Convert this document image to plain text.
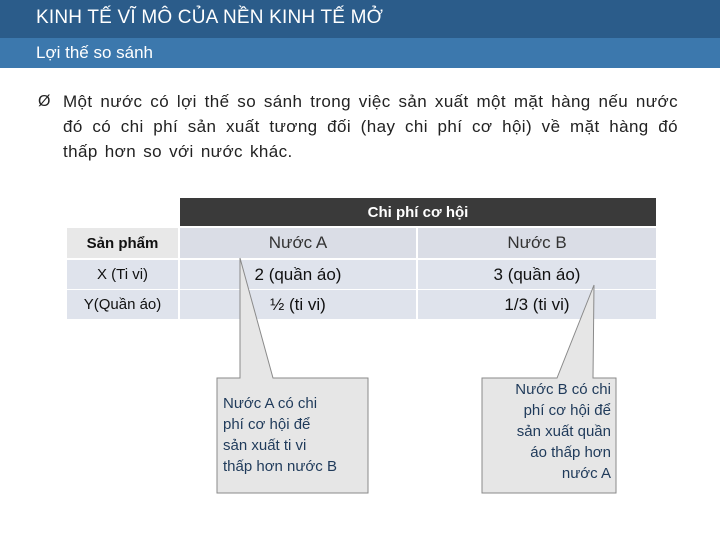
KINH TẾ VĨ MÔ CỦA NỀN KINH TẾ MỞ
Lợi thế so sánh
Ø Một nước có lợi thế so sánh trong việc sản xuất một mặt hàng nếu nước đó có chi phí sản xuất tương đối (hay chi phí cơ hội) về mặt hàng đó thấp hơn so với nước khác.
Chi phí cơ hội
Sản phẩm	Nước A	Nước B
X (Ti vi)	2 (quần áo)	3 (quần áo)
Y(Quần áo)	½ (ti vi)	1/3 (ti vi)
Nước A có chi
phí cơ hội để
sản xuất ti vi
thấp hơn nước B
Nước B có chi
phí cơ hội để
sản xuất quần
áo thấp hơn
nước A
